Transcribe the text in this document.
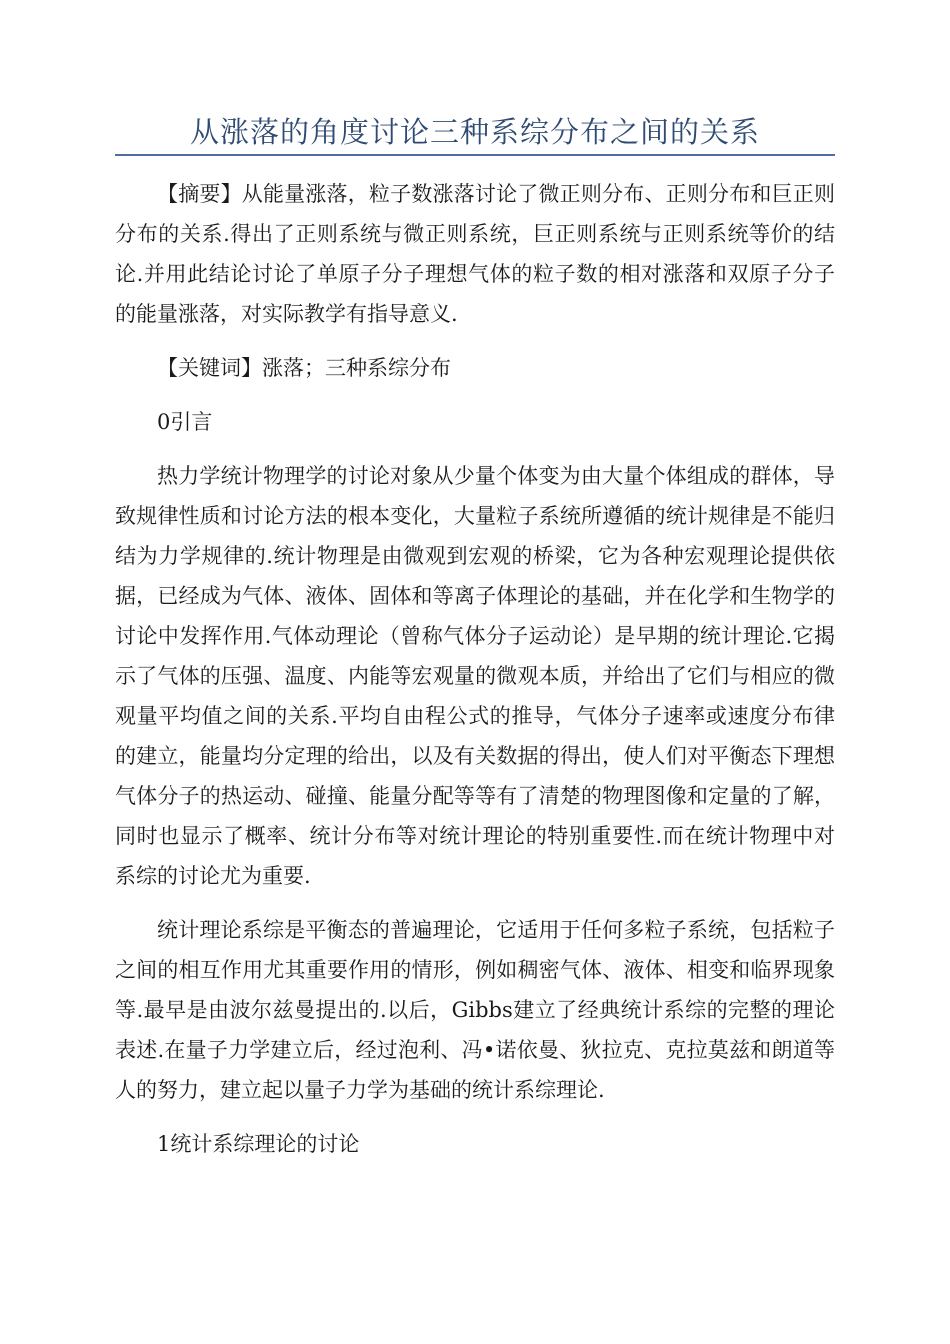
从涨落的角度讨论三种系综分布之间的关系

【摘要】从能量涨落，粒子数涨落讨论了微正则分布、正则分布和巨正则分布的关系.得出了正则系统与微正则系统，巨正则系统与正则系统等价的结论.并用此结论讨论了单原子分子理想气体的粒子数的相对涨落和双原子分子的能量涨落，对实际教学有指导意义.

【关键词】涨落；三种系综分布

0引言

热力学统计物理学的讨论对象从少量个体变为由大量个体组成的群体，导致规律性质和讨论方法的根本变化，大量粒子系统所遵循的统计规律是不能归结为力学规律的.统计物理是由微观到宏观的桥梁，它为各种宏观理论提供依据，已经成为气体、液体、固体和等离子体理论的基础，并在化学和生物学的讨论中发挥作用.气体动理论（曾称气体分子运动论）是早期的统计理论.它揭示了气体的压强、温度、内能等宏观量的微观本质，并给出了它们与相应的微观量平均值之间的关系.平均自由程公式的推导，气体分子速率或速度分布律的建立，能量均分定理的给出，以及有关数据的得出，使人们对平衡态下理想气体分子的热运动、碰撞、能量分配等等有了清楚的物理图像和定量的了解，同时也显示了概率、统计分布等对统计理论的特别重要性.而在统计物理中对系综的讨论尤为重要.

统计理论系综是平衡态的普遍理论，它适用于任何多粒子系统，包括粒子之间的相互作用尤其重要作用的情形，例如稠密气体、液体、相变和临界现象等.最早是由波尔兹曼提出的.以后，Gibbs建立了经典统计系综的完整的理论表述.在量子力学建立后，经过泡利、冯•诺依曼、狄拉克、克拉莫兹和朗道等人的努力，建立起以量子力学为基础的统计系综理论.

1统计系综理论的讨论
